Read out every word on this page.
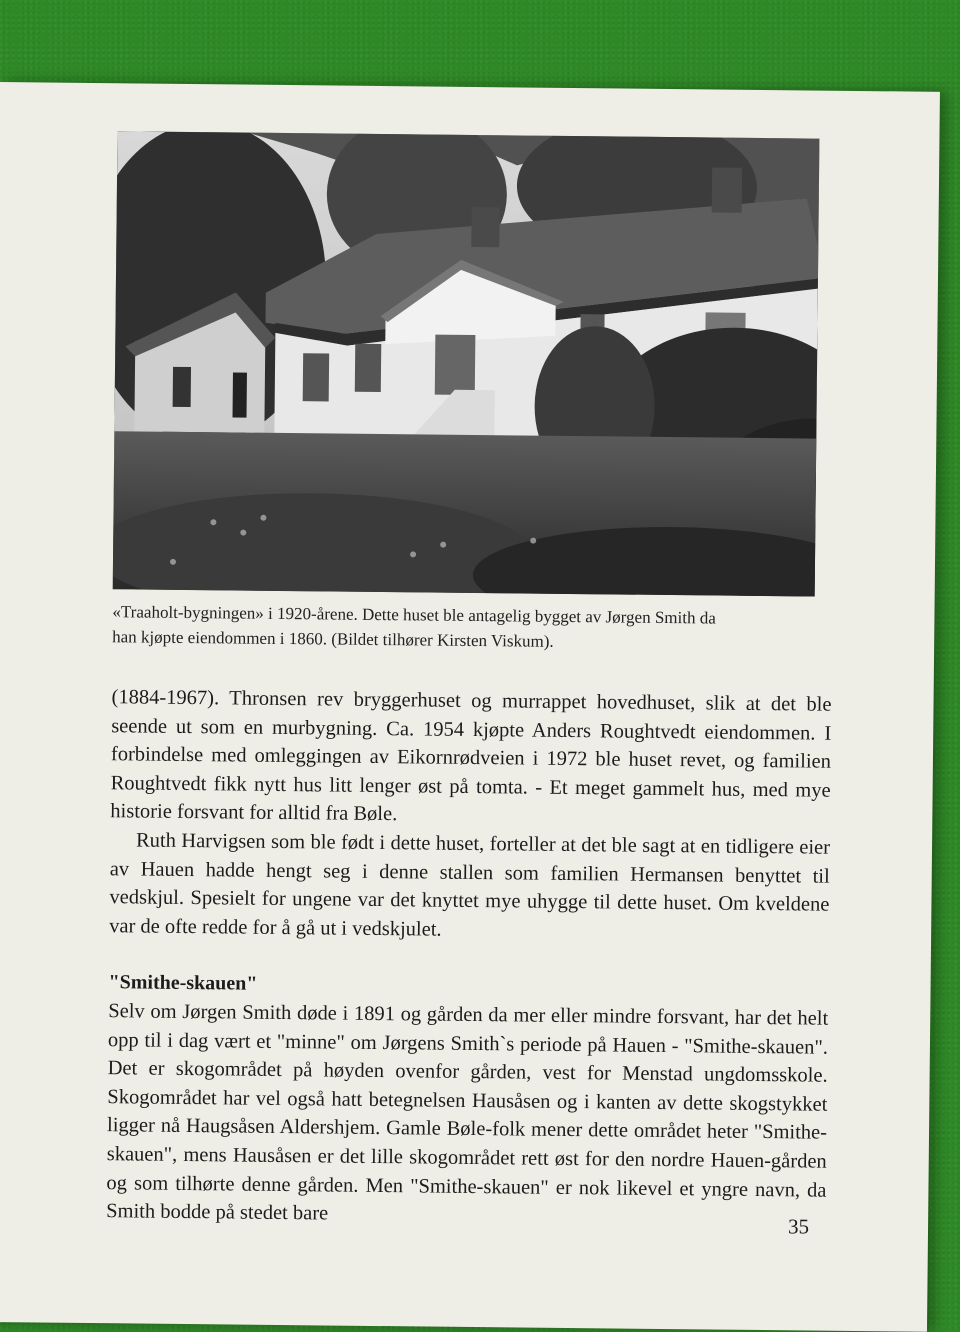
«Traaholt-bygningen» i 1920-årene. Dette huset ble antagelig bygget av Jørgen Smith da
han kjøpte eiendommen i 1860. (Bildet tilhører Kirsten Viskum).

(1884-1967). Thronsen rev bryggerhuset og murrappet hovedhuset, slik at det ble seende ut som en murbygning. Ca. 1954 kjøpte Anders Roughtvedt eiendommen. I forbindelse med omleggingen av Eikornrødveien i 1972 ble huset revet, og familien Roughtvedt fikk nytt hus litt lenger øst på tomta. - Et meget gammelt hus, med mye historie forsvant for alltid fra Bøle.

Ruth Harvigsen som ble født i dette huset, forteller at det ble sagt at en tidligere eier av Hauen hadde hengt seg i denne stallen som familien Hermansen benyttet til vedskjul. Spesielt for ungene var det knyttet mye uhygge til dette huset. Om kveldene var de ofte redde for å gå ut i vedskjulet.

"Smithe-skauen"

Selv om Jørgen Smith døde i 1891 og gården da mer eller mindre forsvant, har det helt opp til i dag vært et "minne" om Jørgens Smith`s periode på Hauen - "Smithe-skauen". Det er skogområdet på høyden ovenfor gården, vest for Menstad ungdomsskole. Skogområdet har vel også hatt betegnelsen Hausåsen og i kanten av dette skogstykket ligger nå Haugsåsen Aldershjem. Gamle Bøle-folk mener dette området heter "Smithe-skauen", mens Hausåsen er det lille skogområdet rett øst for den nordre Hauen-gården og som tilhørte denne gården. Men "Smithe-skauen" er nok likevel et yngre navn, da Smith bodde på stedet bare

35
